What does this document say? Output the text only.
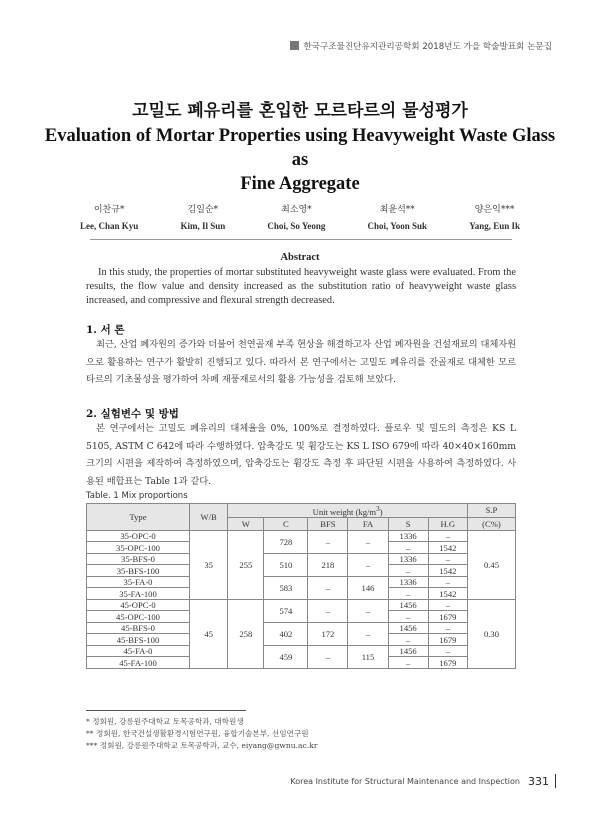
한국구조물진단유지관리공학회 2018년도 가을 학술발표회 논문집
고밀도 폐유리를 혼입한 모르타르의 물성평가
Evaluation of Mortar Properties using Heavyweight Waste Glass as
Fine Aggregate
이찬규*
Lee, Chan Kyu
김일순*
Kim, Il Sun
최소영*
Choi, So Yeong
최윤석**
Choi, Yoon Suk
양은익***
Yang, Eun Ik
Abstract
In this study, the properties of mortar substituted heavyweight waste glass were evaluated. From the results, the flow value and density increased as the substitution ratio of heavyweight waste glass increased, and compressive and flexural strength decreased.
1. 서 론
최근, 산업 폐자원의 증가와 더불어 천연골재 부족 현상을 해결하고자 산업 폐자원을 건설재료의 대체자원으로 활용하는 연구가 활발히 진행되고 있다. 따라서 본 연구에서는 고밀도 폐유리를 잔골재로 대체한 모르타르의 기초물성을 평가하여 차폐 재풍재로서의 활용 가능성을 검토해 보았다.
2. 실험변수 및 방법
본 연구에서는 고밀도 폐유리의 대체율을 0%, 100%로 결정하였다. 플로우 및 밀도의 측정은 KS L 5105, ASTM C 642에 따라 수행하였다. 압축강도 및 휨강도는 KS L ISO 679에 따라 40×40×160mm 크기의 시편을 제작하여 측정하였으며, 압축강도는 휨강도 측정 후 파단된 시편을 사용하여 측정하였다. 사용된 배합표는 Table 1과 같다.
Table. 1 Mix proportions
Type	W/B	Unit weight $(kg/m^3)$						S.P
		W	C	BFS	FA	S	H.G	(C%)
35-OPC-0	35	255	728	–	–	1336	–	0.45
35-OPC-100						–	1542	
35-BFS-0			510	218	–	1336	–	
35-BFS-100						–	1542	
35-FA-0			583	–	146	1336	–	
35-FA-100						–	1542	
45-OPC-0	45	258	574	–	–	1456	–	0.30
45-OPC-100						–	1679	
45-BFS-0			402	172	–	1456	–	
45-BFS-100						–	1679	
45-FA-0			459	–	115	1456	–	
45-FA-100						–	1679	
* 정회원, 강릉원주대학교 토목공학과, 대학원생
** 정회원, 한국건설생활환경시험연구원, 융합기술본부, 선임연구원
*** 정회원, 강릉원주대학교 토목공학과, 교수, eiyang@gwnu.ac.kr
Korea Institute for Structural Maintenance and Inspection 331
